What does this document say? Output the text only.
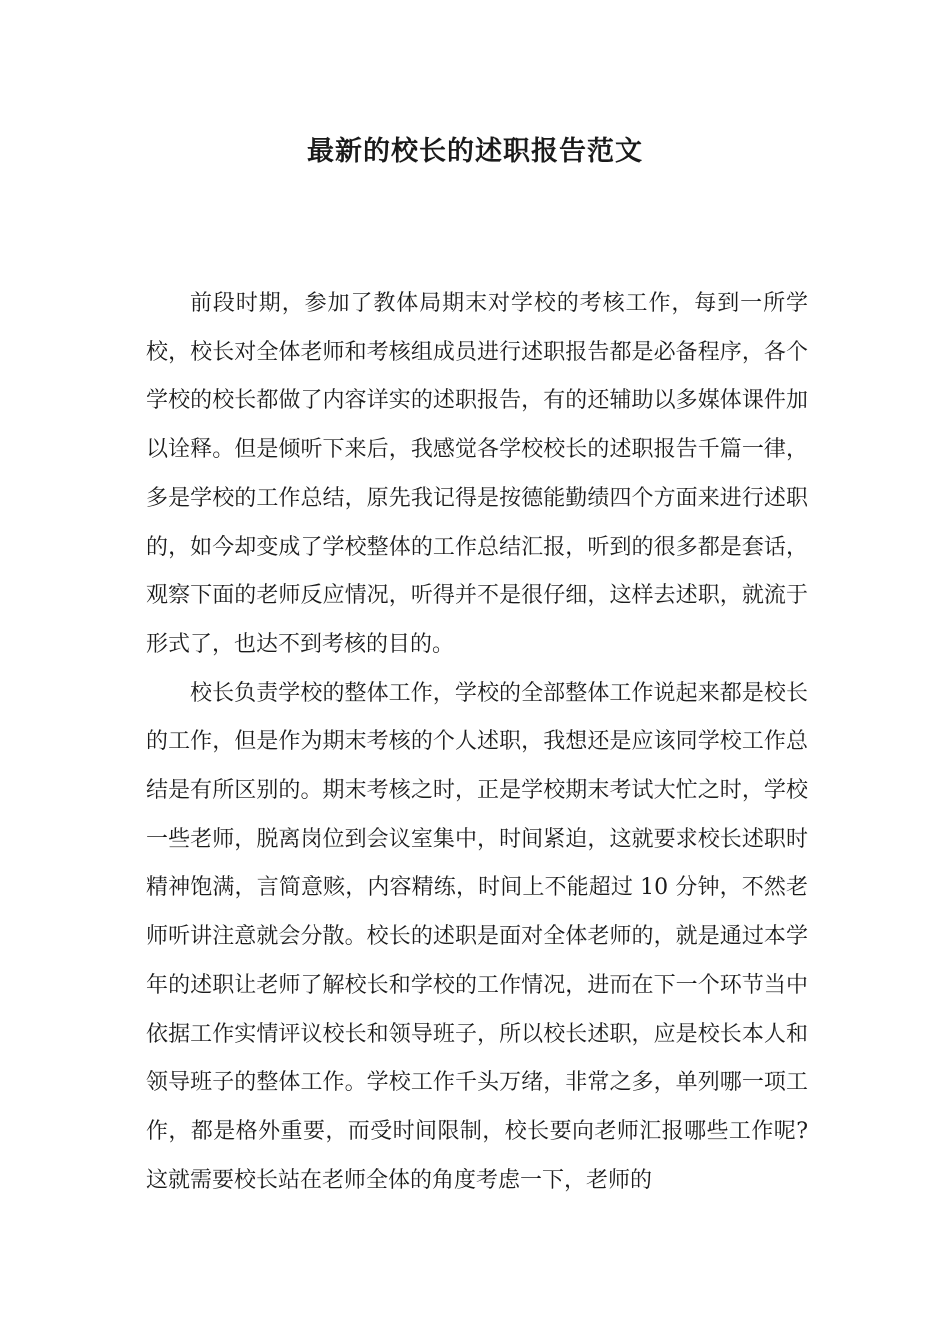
最新的校长的述职报告范文

前段时期，参加了教体局期末对学校的考核工作，每到一所学校，校长对全体老师和考核组成员进行述职报告都是必备程序，各个学校的校长都做了内容详实的述职报告，有的还辅助以多媒体课件加以诠释。但是倾听下来后，我感觉各学校校长的述职报告千篇一律，多是学校的工作总结，原先我记得是按德能勤绩四个方面来进行述职的，如今却变成了学校整体的工作总结汇报，听到的很多都是套话，观察下面的老师反应情况，听得并不是很仔细，这样去述职，就流于形式了，也达不到考核的目的。

校长负责学校的整体工作，学校的全部整体工作说起来都是校长的工作，但是作为期末考核的个人述职，我想还是应该同学校工作总结是有所区别的。期末考核之时，正是学校期末考试大忙之时，学校一些老师，脱离岗位到会议室集中，时间紧迫，这就要求校长述职时精神饱满，言简意赅，内容精练，时间上不能超过 10 分钟，不然老师听讲注意就会分散。校长的述职是面对全体老师的，就是通过本学年的述职让老师了解校长和学校的工作情况，进而在下一个环节当中依据工作实情评议校长和领导班子，所以校长述职，应是校长本人和领导班子的整体工作。学校工作千头万绪，非常之多，单列哪一项工作，都是格外重要，而受时间限制，校长要向老师汇报哪些工作呢?这就需要校长站在老师全体的角度考虑一下，老师的
